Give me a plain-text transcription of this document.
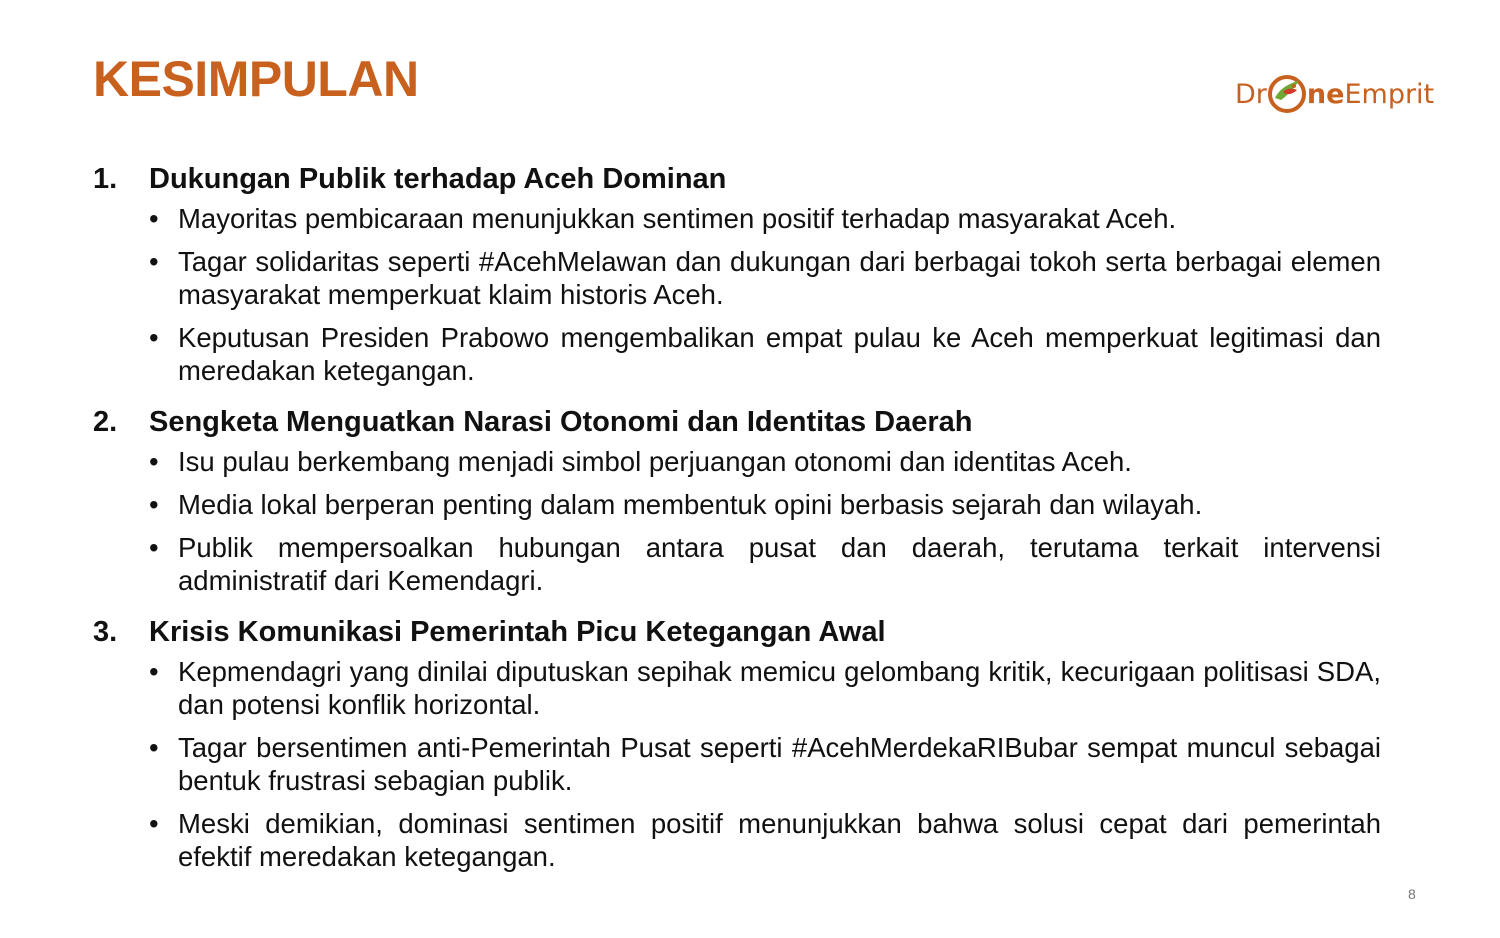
KESIMPULAN	Dr ne Emprit
1.	Dukungan Publik terhadap Aceh Dominan
• Mayoritas pembicaraan menunjukkan sentimen positif terhadap masyarakat Aceh.
• Tagar solidaritas seperti #AcehMelawan dan dukungan dari berbagai tokoh serta berbagai elemen masyarakat memperkuat klaim historis Aceh.
• Keputusan Presiden Prabowo mengembalikan empat pulau ke Aceh memperkuat legitimasi dan meredakan ketegangan.
2.	Sengketa Menguatkan Narasi Otonomi dan Identitas Daerah
• Isu pulau berkembang menjadi simbol perjuangan otonomi dan identitas Aceh.
• Media lokal berperan penting dalam membentuk opini berbasis sejarah dan wilayah.
• Publik mempersoalkan hubungan antara pusat dan daerah, terutama terkait intervensi administratif dari Kemendagri.
3.	Krisis Komunikasi Pemerintah Picu Ketegangan Awal
• Kepmendagri yang dinilai diputuskan sepihak memicu gelombang kritik, kecurigaan politisasi SDA, dan potensi konflik horizontal.
• Tagar bersentimen anti-Pemerintah Pusat seperti #AcehMerdekaRIBubar sempat muncul sebagai bentuk frustrasi sebagian publik.
• Meski demikian, dominasi sentimen positif menunjukkan bahwa solusi cepat dari pemerintah efektif meredakan ketegangan.
8
